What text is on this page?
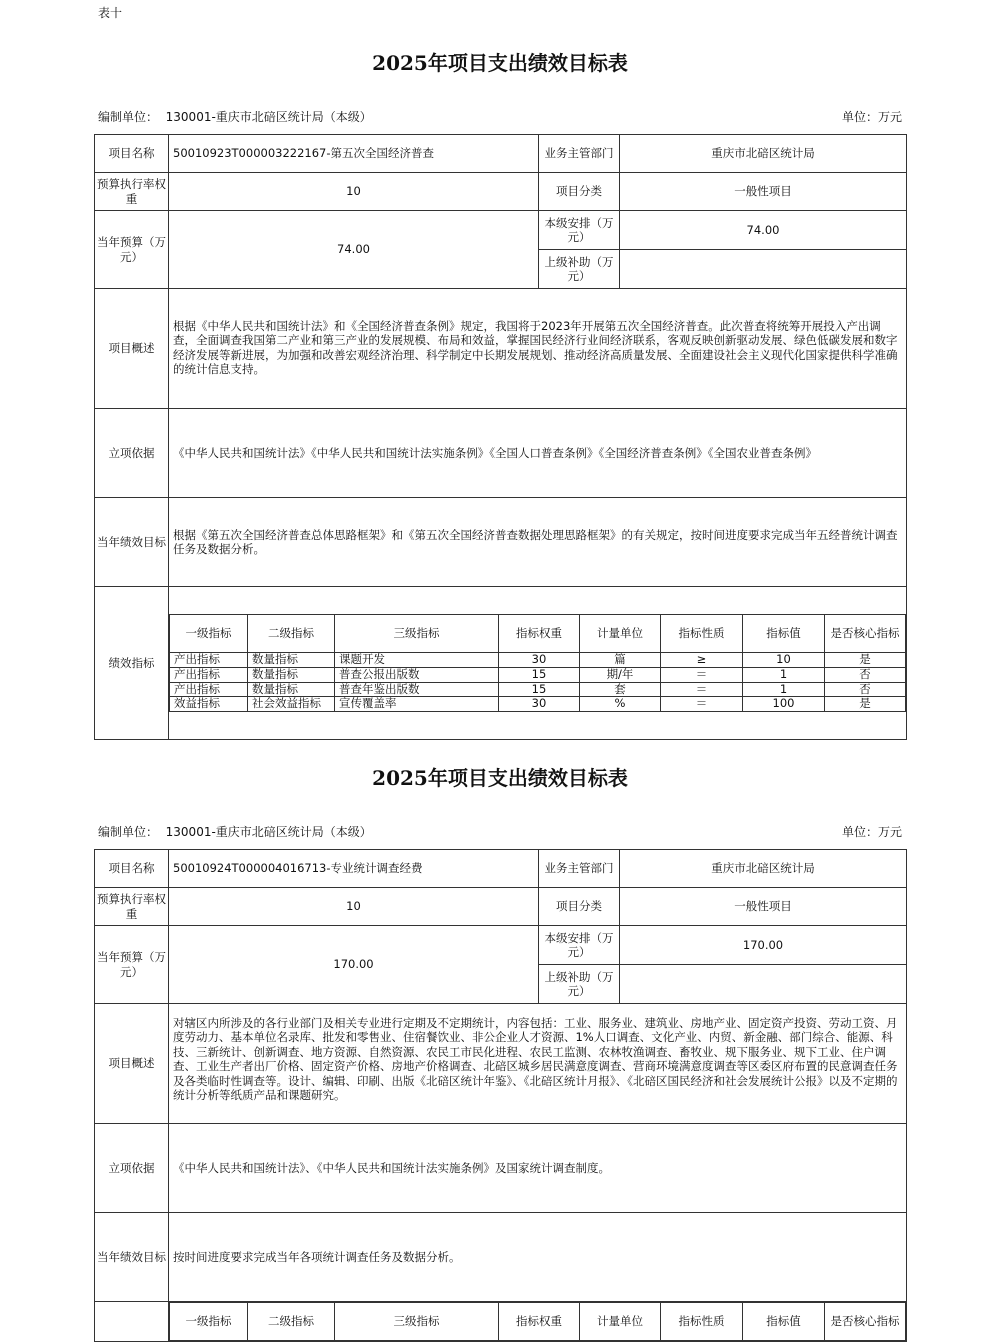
表十
2025年项目支出绩效目标表
编制单位： 130001-重庆市北碚区统计局（本级）	单位：万元
项目名称	50010923T000003222167-第五次全国经济普查	业务主管部门	重庆市北碚区统计局
预算执行率权重	10	项目分类	一般性项目
当年预算（万元）	74.00	本级安排（万元）	74.00
上级补助（万元）	
项目概述	根据《中华人民共和国统计法》和《全国经济普查条例》规定，我国将于2023年开展第五次全国经济普查。此次普查将统筹开展投入产出调查，全面调查我国第二产业和第三产业的发展规模、布局和效益，掌握国民经济行业间经济联系，客观反映创新驱动发展、绿色低碳发展和数字经济发展等新进展，为加强和改善宏观经济治理、科学制定中长期发展规划、推动经济高质量发展、全面建设社会主义现代化国家提供科学准确的统计信息支持。
立项依据	《中华人民共和国统计法》《中华人民共和国统计法实施条例》《全国人口普查条例》《全国经济普查条例》《全国农业普查条例》
当年绩效目标	根据《第五次全国经济普查总体思路框架》和《第五次全国经济普查数据处理思路框架》的有关规定，按时间进度要求完成当年五经普统计调查任务及数据分析。
绩效指标	
一级指标	二级指标	三级指标	指标权重	计量单位	指标性质	指标值	是否核心指标
产出指标	数量指标	课题开发	30	篇	≥	10	是
产出指标	数量指标	普查公报出版数	15	期/年	＝	1	否
产出指标	数量指标	普查年鉴出版数	15	套	＝	1	否
效益指标	社会效益指标	宣传覆盖率	30	%	＝	100	是
2025年项目支出绩效目标表
编制单位： 130001-重庆市北碚区统计局（本级）	单位：万元
项目名称	50010924T000004016713-专业统计调查经费	业务主管部门	重庆市北碚区统计局
预算执行率权重	10	项目分类	一般性项目
当年预算（万元）	170.00	本级安排（万元）	170.00
上级补助（万元）	
项目概述	对辖区内所涉及的各行业部门及相关专业进行定期及不定期统计，内容包括：工业、服务业、建筑业、房地产业、固定资产投资、劳动工资、月度劳动力、基本单位名录库、批发和零售业、住宿餐饮业、非公企业人才资源、1%人口调查、文化产业、内贸、新金融、部门综合、能源、科技、三新统计、创新调查、地方资源、自然资源、农民工市民化进程、农民工监测、农林牧渔调查、畜牧业、规下服务业、规下工业、住户调查、工业生产者出厂价格、固定资产价格、房地产价格调查、北碚区城乡居民满意度调查、营商环境满意度调查等区委区府布置的民意调查任务及各类临时性调查等。设计、编辑、印刷、出版《北碚区统计年鉴》、《北碚区统计月报》、《北碚区国民经济和社会发展统计公报》以及不定期的统计分析等纸质产品和课题研究。
立项依据	《中华人民共和国统计法》、《中华人民共和国统计法实施条例》及国家统计调查制度。
当年绩效目标	按时间进度要求完成当年各项统计调查任务及数据分析。

一级指标	二级指标	三级指标	指标权重	计量单位	指标性质	指标值	是否核心指标
